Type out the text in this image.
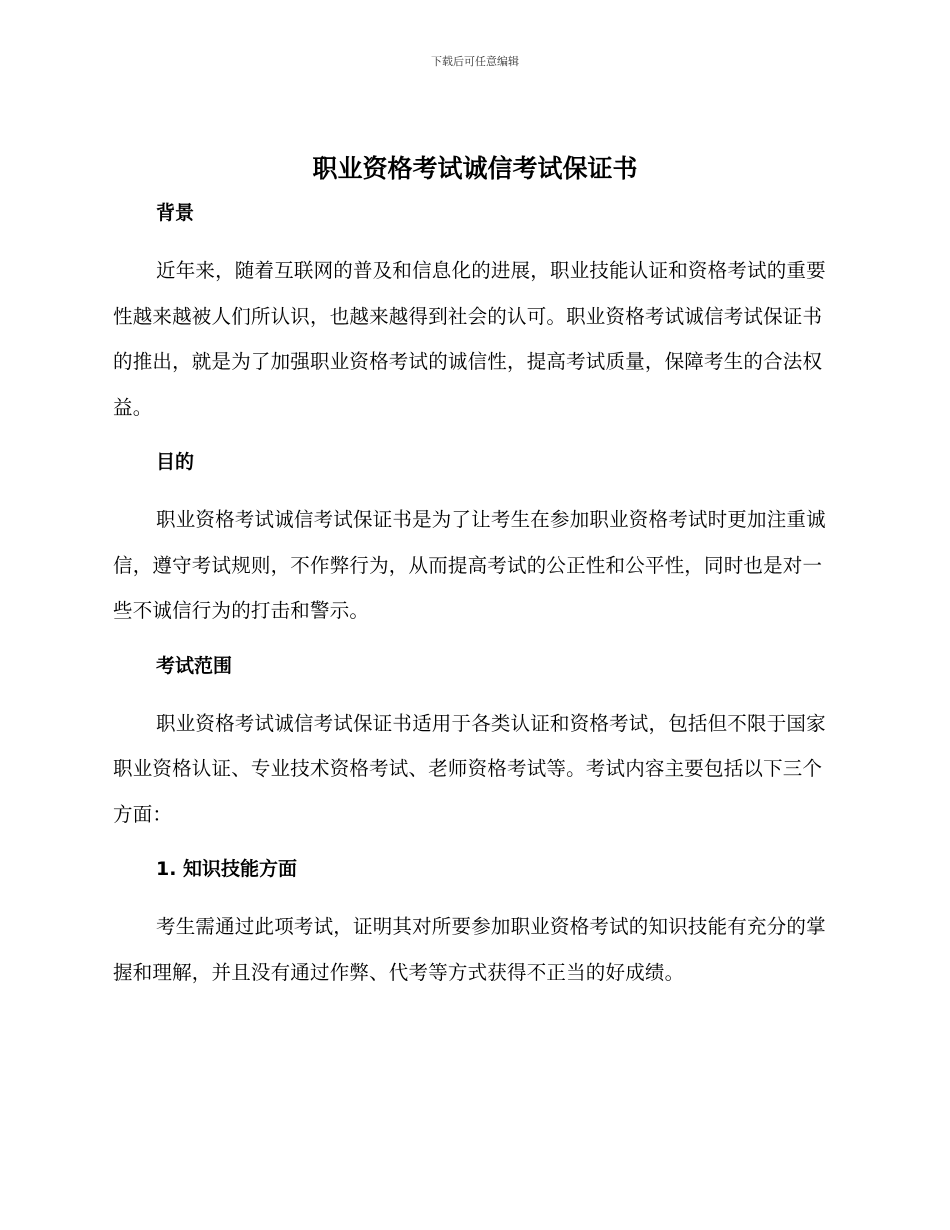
下载后可任意编辑
职业资格考试诚信考试保证书
背景

近年来，随着互联网的普及和信息化的进展，职业技能认证和资格考试的重要性越来越被人们所认识，也越来越得到社会的认可。职业资格考试诚信考试保证书的推出，就是为了加强职业资格考试的诚信性，提高考试质量，保障考生的合法权益。

目的

职业资格考试诚信考试保证书是为了让考生在参加职业资格考试时更加注重诚信，遵守考试规则，不作弊行为，从而提高考试的公正性和公平性，同时也是对一些不诚信行为的打击和警示。

考试范围

职业资格考试诚信考试保证书适用于各类认证和资格考试，包括但不限于国家职业资格认证、专业技术资格考试、老师资格考试等。考试内容主要包括以下三个方面：

1. 知识技能方面

考生需通过此项考试，证明其对所要参加职业资格考试的知识技能有充分的掌握和理解，并且没有通过作弊、代考等方式获得不正当的好成绩。
